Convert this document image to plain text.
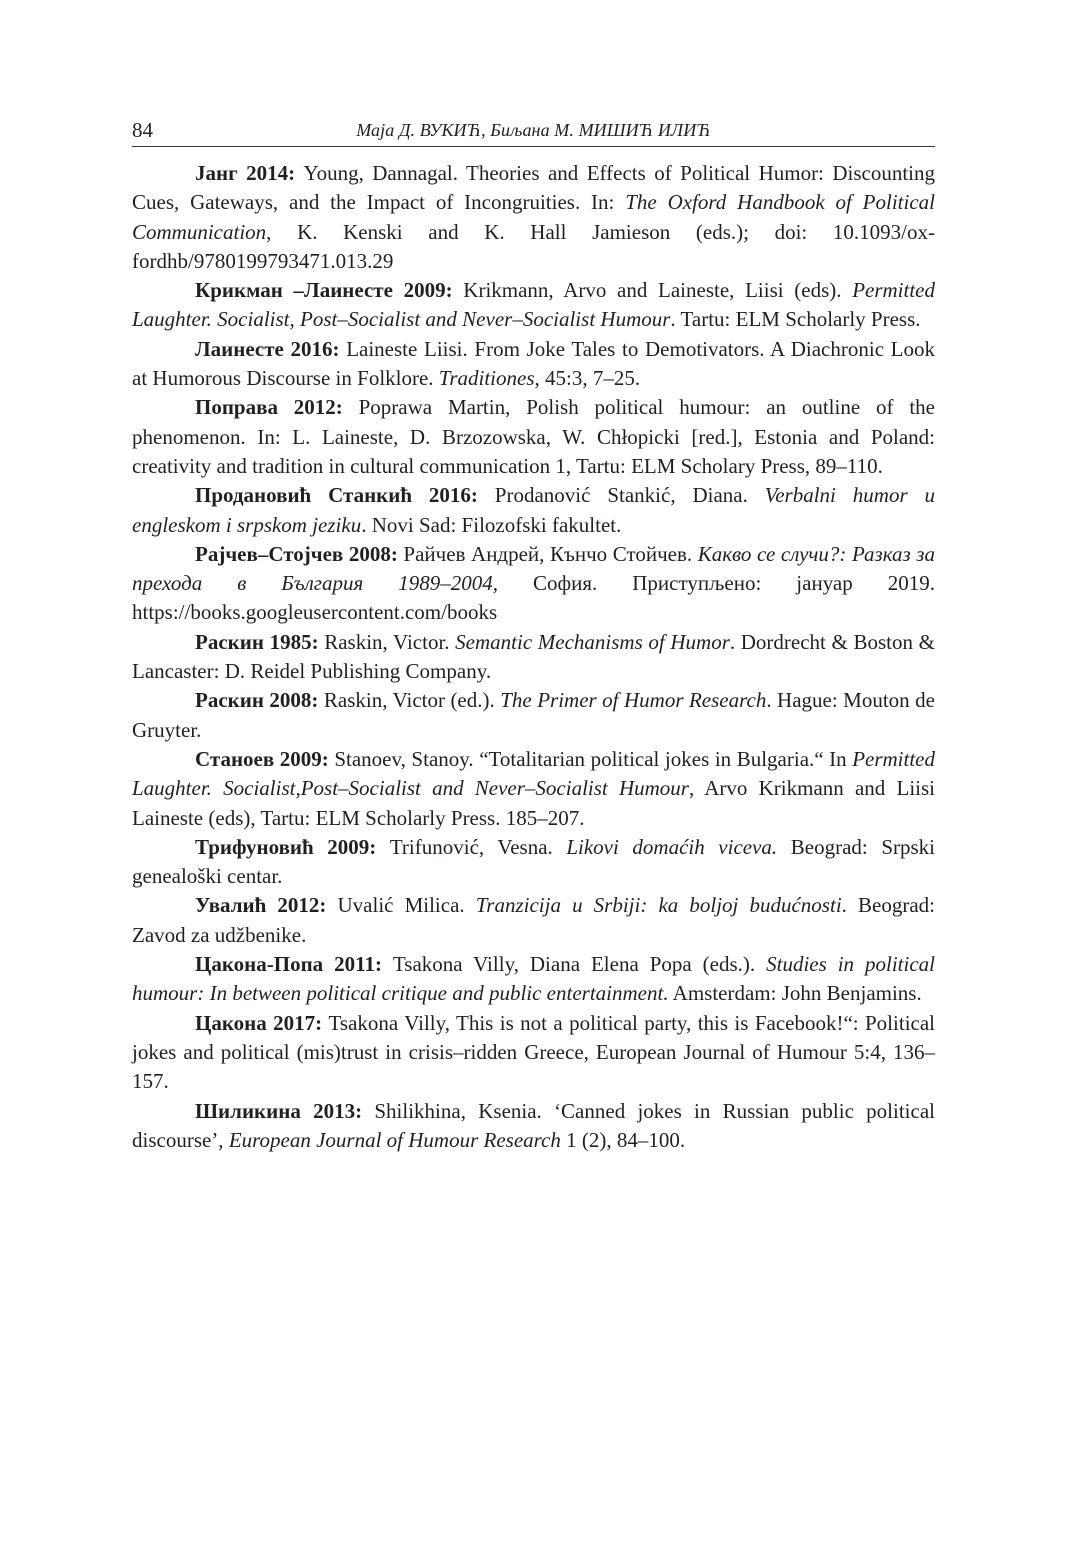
84	Маја Д. ВУКИЋ, Биљана М. МИШИЋ ИЛИЋ

Јанг 2014: Young, Dannagal. Theories and Effects of Political Humor: Discounting Cues, Gateways, and the Impact of Incongruities. In: The Oxford Handbook of Political Communication, K. Kenski and K. Hall Jamieson (eds.); doi: 10.1093/oxfordhb/9780199793471.013.29

Крикман –Лаинесте 2009: Krikmann, Arvo and Laineste, Liisi (eds). Permitted Laughter. Socialist, Post–Socialist and Never–Socialist Humour. Tartu: ELM Scholarly Press.

Лаинесте 2016: Laineste Liisi. From Joke Tales to Demotivators. A Diachronic Look at Humorous Discourse in Folklore. Traditiones, 45:3, 7–25.

Поправа 2012: Poprawa Martin, Polish political humour: an outline of the phenomenon. In: L. Laineste, D. Brzozowska, W. Chłopicki [red.], Estonia and Poland: creativity and tradition in cultural communication 1, Tartu: ELM Scholary Press, 89–110.

Продановић Станкић 2016: Prodanović Stankić, Diana. Verbalni humor u engleskom i srpskom jeziku. Novi Sad: Filozofski fakultet.

Рајчев–Стојчев 2008: Райчев Андрей, Кънчо Стойчев. Какво се случи?: Разказ за прехода в България 1989–2004, София. Приступљено: јануар 2019. https://books.googleusercontent.com/books

Раскин 1985: Raskin, Victor. Semantic Mechanisms of Humor. Dordrecht & Boston & Lancaster: D. Reidel Publishing Company.

Раскин 2008: Raskin, Victor (ed.). The Primer of Humor Research. Hague: Mouton de Gruyter.

Станоев 2009: Stanoev, Stanoy. “Totalitarian political jokes in Bulgaria.“ In Permitted Laughter. Socialist,Post–Socialist and Never–Socialist Humour, Arvo Krikmann and Liisi Laineste (eds), Tartu: ELM Scholarly Press. 185–207.

Трифуновић 2009: Trifunović, Vesna. Likovi domaćih viceva. Beograd: Srpski genealoški centar.

Увалић 2012: Uvalić Milica. Tranzicija u Srbiji: ka boljoj budućnosti. Beograd: Zavod za udžbenike.

Цакона-Попа 2011: Tsakona Villy, Diana Elena Popa (eds.). Studies in political humour: In between political critique and public entertainment. Amsterdam: John Benjamins.

Цакона 2017: Tsakona Villy, This is not a political party, this is Facebook!“: Political jokes and political (mis)trust in crisis–ridden Greece, European Journal of Humour 5:4, 136–157.

Шиликина 2013: Shilikhina, Ksenia. ‘Canned jokes in Russian public political discourse’, European Journal of Humour Research 1 (2), 84–100.
